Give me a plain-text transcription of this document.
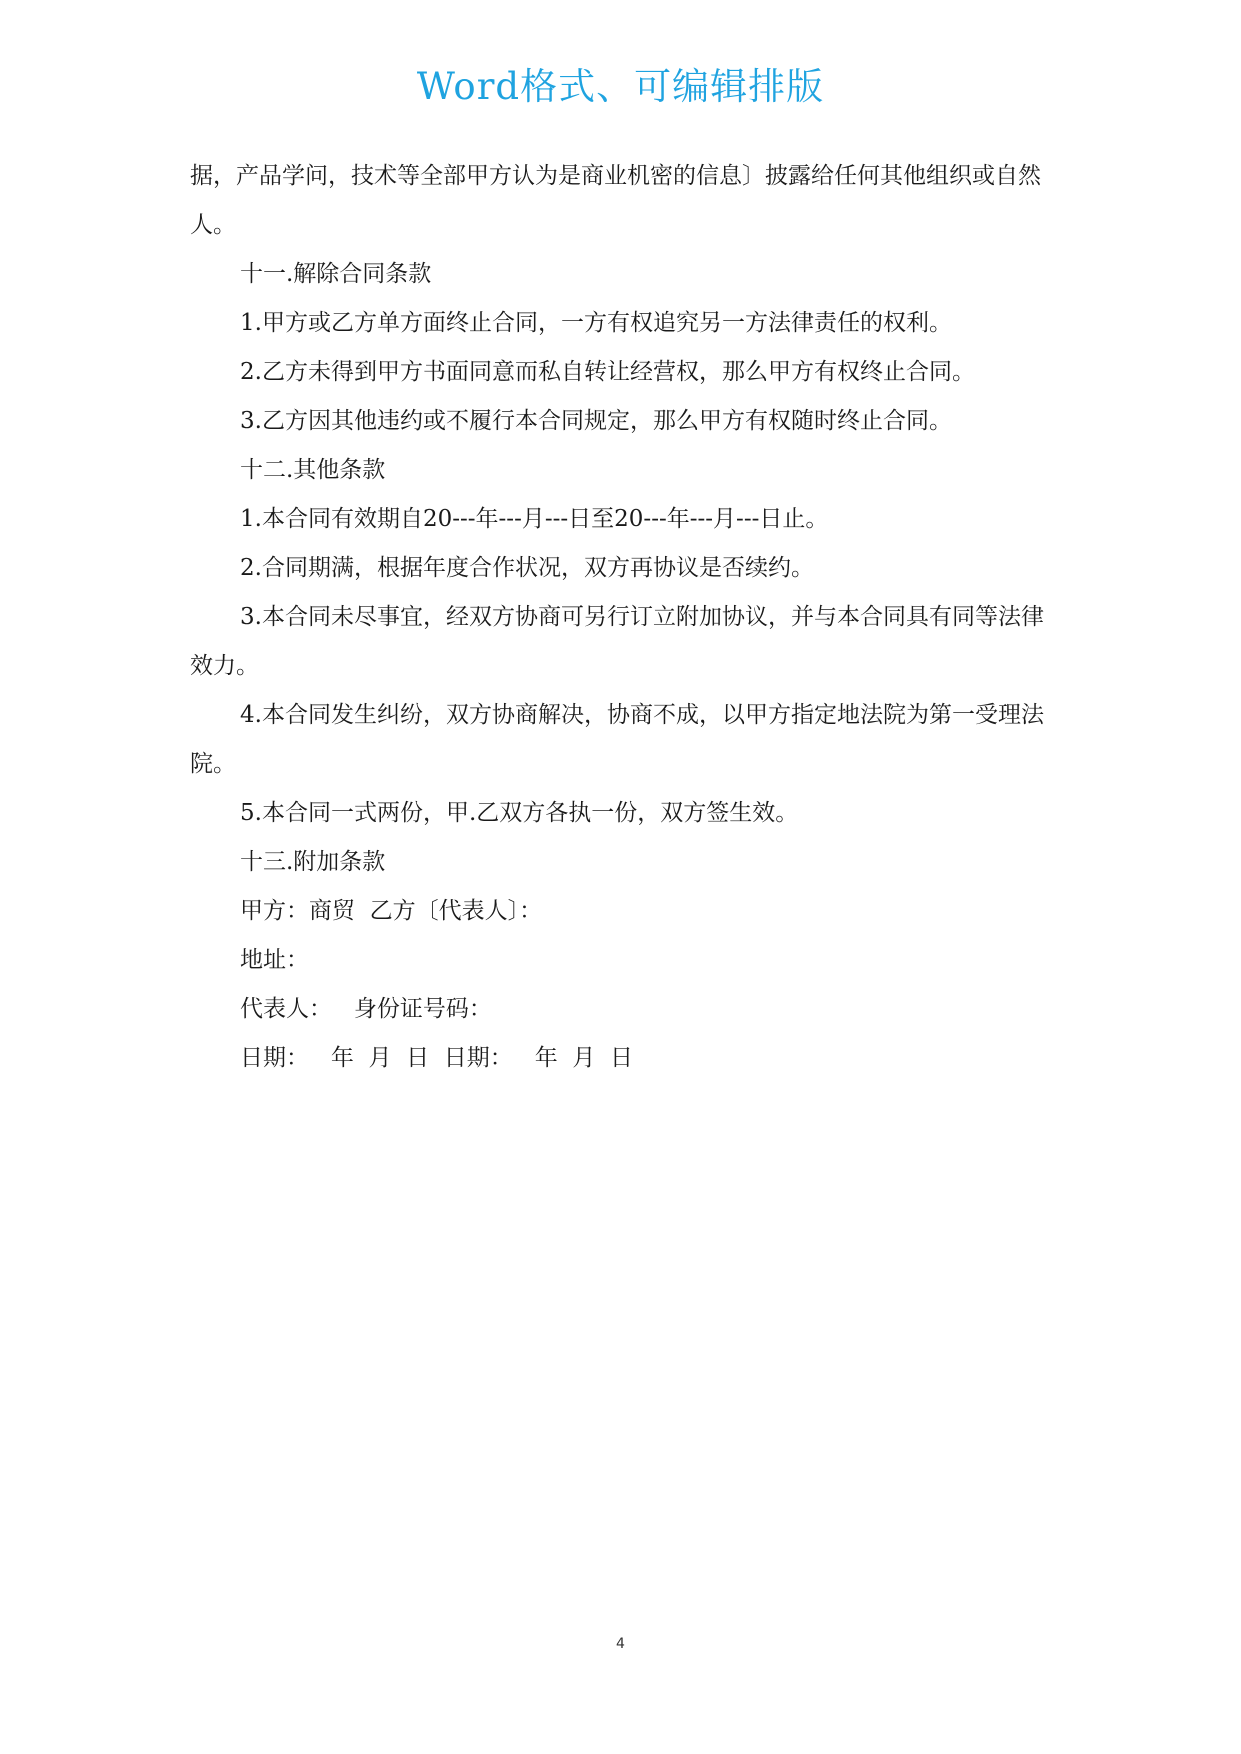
Word格式、可编辑排版

据，产品学问，技术等全部甲方认为是商业机密的信息〕披露给任何其他组织或自然人。

十一.解除合同条款

1.甲方或乙方单方面终止合同，一方有权追究另一方法律责任的权利。

2.乙方未得到甲方书面同意而私自转让经营权，那么甲方有权终止合同。

3.乙方因其他违约或不履行本合同规定，那么甲方有权随时终止合同。

十二.其他条款

1.本合同有效期自20---年---月---日至20---年---月---日止。

2.合同期满，根据年度合作状况，双方再协议是否续约。

3.本合同未尽事宜，经双方协商可另行订立附加协议，并与本合同具有同等法律效力。

4.本合同发生纠纷，双方协商解决，协商不成，以甲方指定地法院为第一受理法院。

5.本合同一式两份，甲.乙双方各执一份，双方签生效。

十三.附加条款

甲方：商贸  乙方〔代表人〕：

地址：

代表人：   身份证号码：

日期：   年  月  日  日期：   年  月  日

4
